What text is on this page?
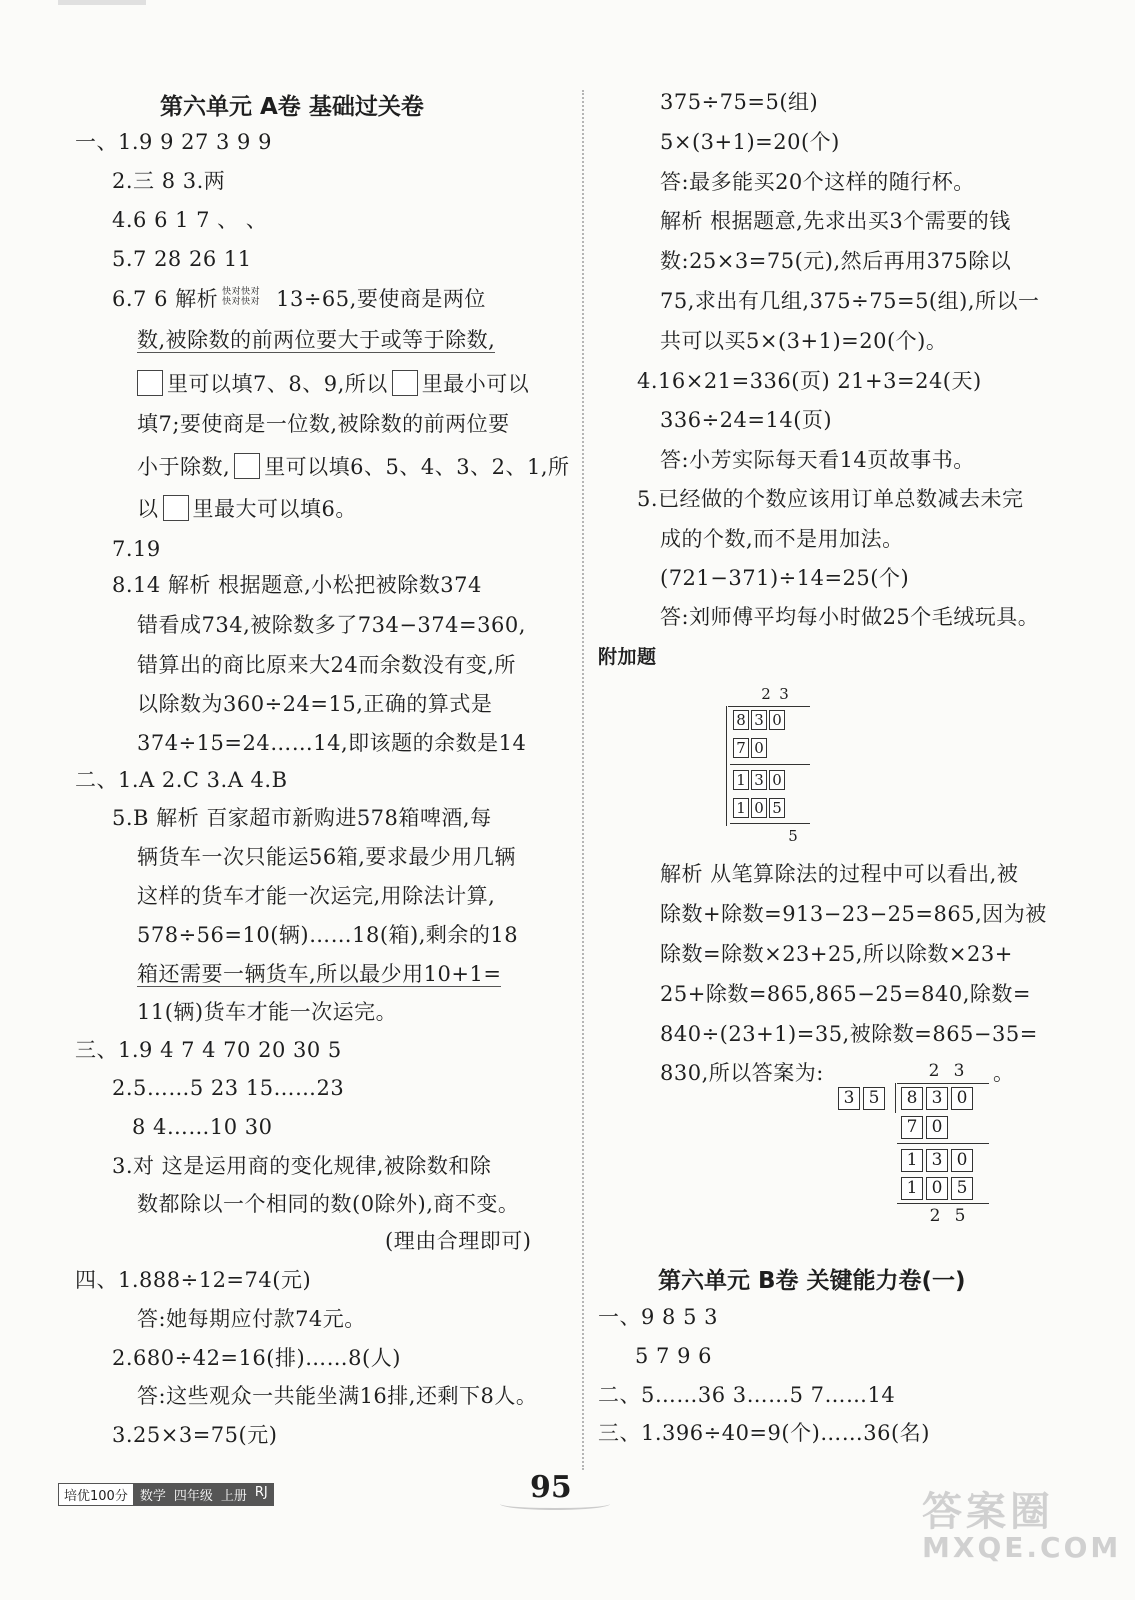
第六单元 A卷 基础过关卷
一、1.9 9 27 3 9 9
2.三 8 3.两
4.6 6 1 7 、 、
5.7 28 26 11
6.7 6 解析 快对快对 快对快对 13÷65,要使商是两位
数,被除数的前两位要大于或等于除数,
里可以填7、8、9,所以 里最小可以
填7;要使商是一位数,被除数的前两位要
小于除数, 里可以填6、5、4、3、2、1,所
以 里最大可以填6。
7.19
8.14 解析 根据题意,小松把被除数374
错看成734,被除数多了734−374=360,
错算出的商比原来大24而余数没有变,所
以除数为360÷24=15,正确的算式是
374÷15=24……14,即该题的余数是14
二、1.A 2.C 3.A 4.B
5.B 解析 百家超市新购进578箱啤酒,每
辆货车一次只能运56箱,要求最少用几辆
这样的货车才能一次运完,用除法计算,
578÷56=10(辆)……18(箱),剩余的18
箱还需要一辆货车,所以最少用10+1=
11(辆)货车才能一次运完。
三、1.9 4 7 4 70 20 30 5
2.5……5 23 15……23
8 4……10 30
3.对 这是运用商的变化规律,被除数和除
数都除以一个相同的数(0除外),商不变。
(理由合理即可)
四、1.888÷12=74(元)
答:她每期应付款74元。
2.680÷42=16(排)……8(人)
答:这些观众一共能坐满16排,还剩下8人。
3.25×3=75(元)
375÷75=5(组)
5×(3+1)=20(个)
答:最多能买20个这样的随行杯。
解析 根据题意,先求出买3个需要的钱
数:25×3=75(元),然后再用375除以
75,求出有几组,375÷75=5(组),所以一
共可以买5×(3+1)=20(个)。
4.16×21=336(页) 21+3=24(天)
336÷24=14(页)
答:小芳实际每天看14页故事书。
5.已经做的个数应该用订单总数减去未完
成的个数,而不是用加法。
(721−371)÷14=25(个)
答:刘师傅平均每小时做25个毛绒玩具。
附加题
2 3
8 3 0
7 0
1 3 0
1 0 5
5
解析 从笔算除法的过程中可以看出,被
除数+除数=913−23−25=865,因为被
除数=除数×23+25,所以除数×23+
25+除数=865,865−25=840,除数=
840÷(23+1)=35,被除数=865−35=
830,所以答案为:	。
2 3
3 5	8 3 0
7 0
1 3 0
1 0 5
2 5
第六单元 B卷 关键能力卷(一)
一、9 8 5 3
5 7 9 6
二、5……36 3……5 7……14
三、1.396÷40=9(个)……36(名)
培优100分 数学 四年级 上册 RJ	95
答案圈
MXQE.COM
